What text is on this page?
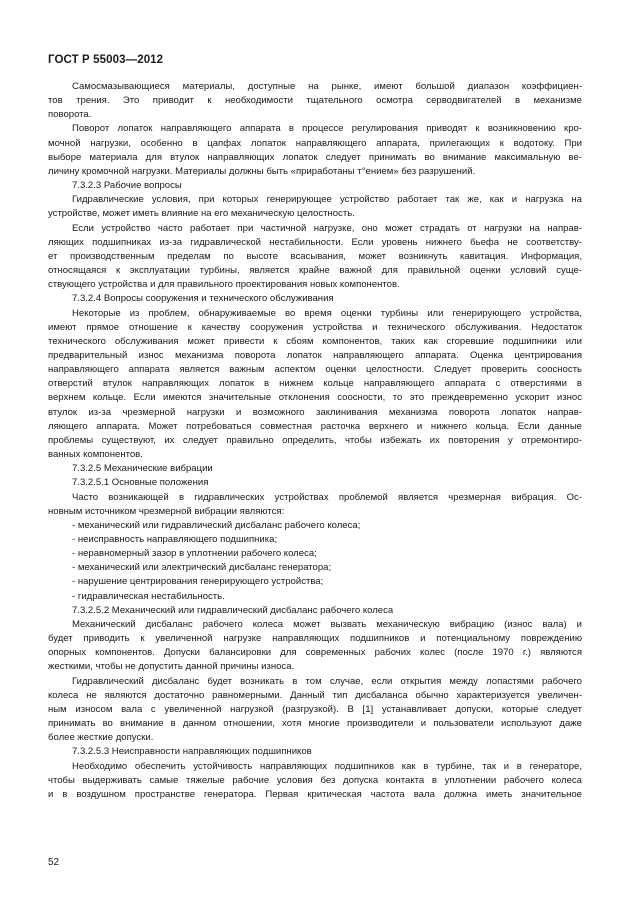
ГОСТ Р 55003—2012
Самосмазывающиеся материалы, доступные на рынке, имеют большой диапазон коэффициен-
тов трения. Это приводит к необходимости тщательного осмотра серводвигателей в механизме
поворота.
Поворот лопаток направляющего аппарата в процессе регулирования приводят к возникновению кро-
мочной нагрузки, особенно в цапфах лопаток направляющего аппарата, прилегающих к водотоку. При
выборе материала для втулок направляющих лопаток следует принимать во внимание максимальную ве-
личину кромочной нагрузки. Материалы должны быть «приработаны т°ением» без разрушений.
7.3.2.3 Рабочие вопросы
Гидравлические условия, при которых генерирующее устройство работает так же, как и нагрузка на
устройстве, может иметь влияние на его механическую целостность.
Если устройство часто работает при частичной нагрузке, оно может страдать от нагрузки на направ-
ляющих подшипниках из-за гидравлической нестабильности. Если уровень нижнего бьефа не соответству-
ет производственным пределам по высоте всасывания, может возникнуть кавитация. Информация,
относящаяся к эксплуатации турбины, является крайне важной для правильной оценки условий суще-
ствующего устройства и для правильного проектирования новых компонентов.
7.3.2.4 Вопросы сооружения и технического обслуживания
Некоторые из проблем, обнаруживаемые во время оценки турбины или генерирующего устройства,
имеют прямое отношение к качеству сооружения устройства и технического обслуживания. Недостаток
технического обслуживания может привести к сбоям компонентов, таких как сгоревшие подшипники или
предварительный износ механизма поворота лопаток направляющего аппарата. Оценка центрирования
направляющего аппарата является важным аспектом оценки целостности. Следует проверить соосность
отверстий втулок направляющих лопаток в нижнем кольце направляющего аппарата с отверстиями в
верхнем кольце. Если имеются значительные отклонения соосности, то это преждевременно ускорит износ
втулок из-за чрезмерной нагрузки и возможного заклинивания механизма поворота лопаток направ-
ляющего аппарата. Может потребоваться совместная расточка верхнего и нижнего кольца. Если данные
проблемы существуют, их следует правильно определить, чтобы избежать их повторения у отремонтиро-
ванных компонентов.
7.3.2.5 Механические вибрации
7.3.2.5.1 Основные положения
Часто возникающей в гидравлических устройствах проблемой является чрезмерная вибрация. Ос-
новным источником чрезмерной вибрации являются:
- механический или гидравлический дисбаланс рабочего колеса;
- неисправность направляющего подшипника;
- неравномерный зазор в уплотнении рабочего колеса;
- механический или электрический дисбаланс генератора;
- нарушение центрирования генерирующего устройства;
- гидравлическая нестабильность.
7.3.2.5.2 Механический или гидравлический дисбаланс рабочего колеса
Механический дисбаланс рабочего колеса может вызвать механическую вибрацию (износ вала) и
будет приводить к увеличенной нагрузке направляющих подшипников и потенциальному повреждению
опорных компонентов. Допуски балансировки для современных рабочих колес (после 1970 г.) являются
жесткими, чтобы не допустить данной причины износа.
Гидравлический дисбаланс будет возникать в том случае, если открытия между лопастями рабочего
колеса не являются достаточно равномерными. Данный тип дисбаланса обычно характеризуется увеличен-
ным износом вала с увеличенной нагрузкой (разгрузкой). В [1] устанавливает допуски, которые следует
принимать во внимание в данном отношении, хотя многие производители и пользователи используют даже
более жесткие допуски.
7.3.2.5.3 Неисправности направляющих подшипников
Необходимо обеспечить устойчивость направляющих подшипников как в турбине, так и в генераторе,
чтобы выдерживать самые тяжелые рабочие условия без допуска контакта в уплотнении рабочего колеса
и в воздушном пространстве генератора. Первая критическая частота вала должна иметь значительное
52
